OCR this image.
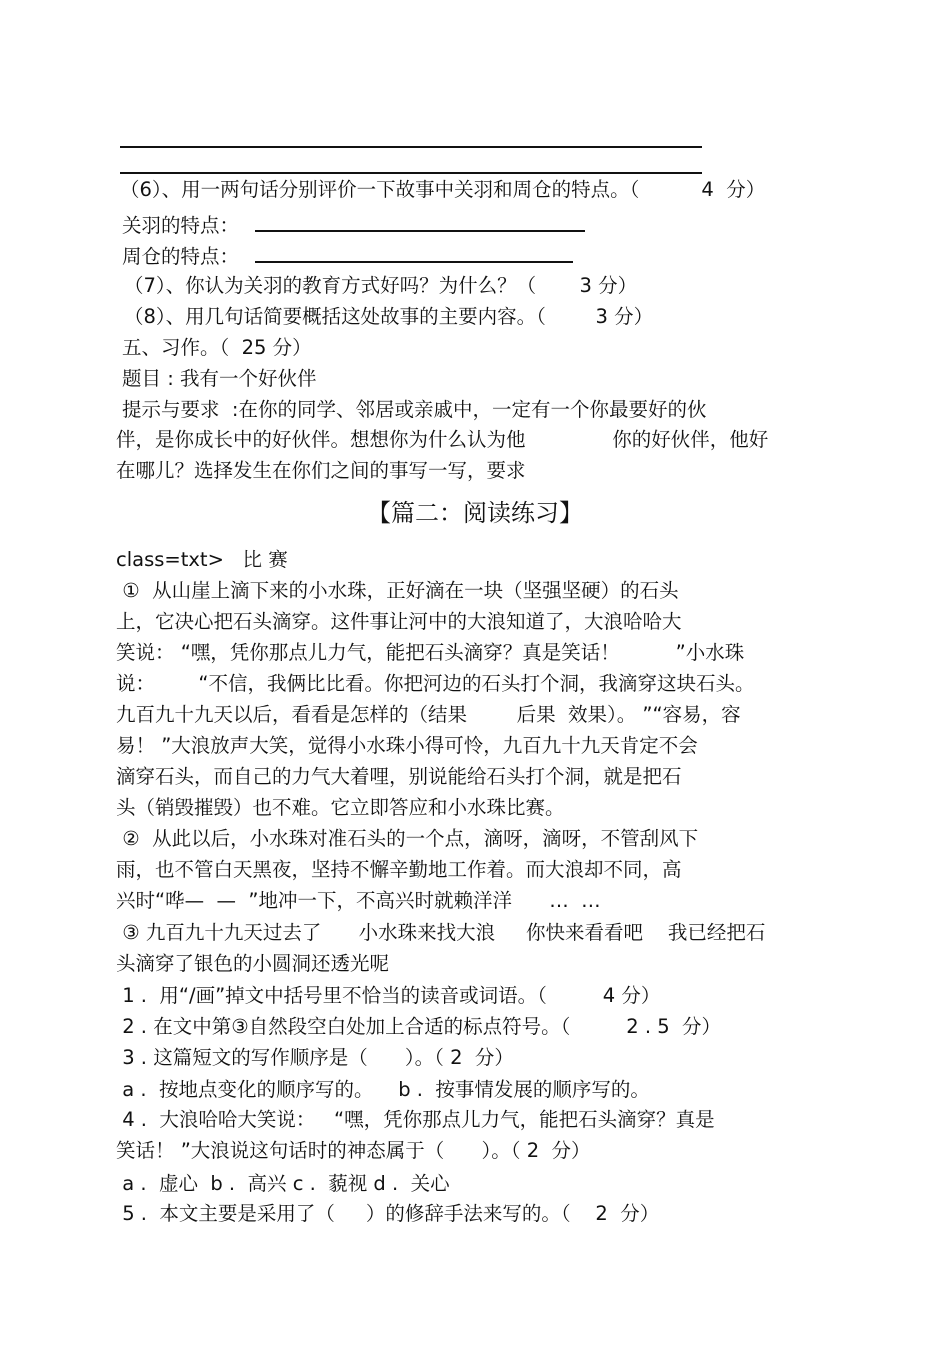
（6）、用一两句话分别评价一下故事中关羽和周仓的特点。（          4  分）
关羽的特点：
周仓的特点：
（7）、你认为关羽的教育方式好吗？为什么？（       3 分）
（8）、用几句话简要概括这处故事的主要内容。（        3 分）
五、习作。（  25 分）
题目 : 我有一个好伙伴
提示与要求  :在你的同学、邻居或亲戚中，一定有一个你最要好的伙
伴，是你成长中的好伙伴。想想你为什么认为他              你的好伙伴，他好
在哪儿？选择发生在你们之间的事写一写，要求
【篇二：阅读练习】
class=txt>   比 赛
①  从山崖上滴下来的小水珠，正好滴在一块（坚强坚硬）的石头
上，它决心把石头滴穿。这件事让河中的大浪知道了，大浪哈哈大
笑说： “嘿，凭你那点儿力气，能把石头滴穿？真是笑话！         ”小水珠
说：       “不信，我俩比比看。你把河边的石头打个洞，我滴穿这块石头。
九百九十九天以后，看看是怎样的（结果        后果  效果）。 ”“容易，容
易！ ”大浪放声大笑，觉得小水珠小得可怜，九百九十九天肯定不会
滴穿石头，而自己的力气大着哩，别说能给石头打个洞，就是把石
头（销毁摧毁）也不难。它立即答应和小水珠比赛。
②  从此以后，小水珠对准石头的一个点，滴呀，滴呀，不管刮风下
雨，也不管白天黑夜，坚持不懈辛勤地工作着。而大浪却不同，高
兴时“哗—  —  ”地冲一下，不高兴时就赖洋洋      …  …
③ 九百九十九天过去了      小水珠来找大浪     你快来看看吧    我已经把石
头滴穿了银色的小圆洞还透光呢
1 .  用“/画”掉文中括号里不恰当的读音或词语。（         4 分）
2 . 在文中第③自然段空白处加上合适的标点符号。（         2 . 5  分）
3 . 这篇短文的写作顺序是（      ）。（ 2  分）
a .  按地点变化的顺序写的。    b .  按事情发展的顺序写的。
4 .  大浪哈哈大笑说：   “嘿，凭你那点儿力气，能把石头滴穿？真是
笑话！ ”大浪说这句话时的神态属于（      ）。（ 2  分）
a .  虚心  b .  高兴 c .  藐视 d .  关心
5 .  本文主要是采用了（     ）的修辞手法来写的。（    2  分）
